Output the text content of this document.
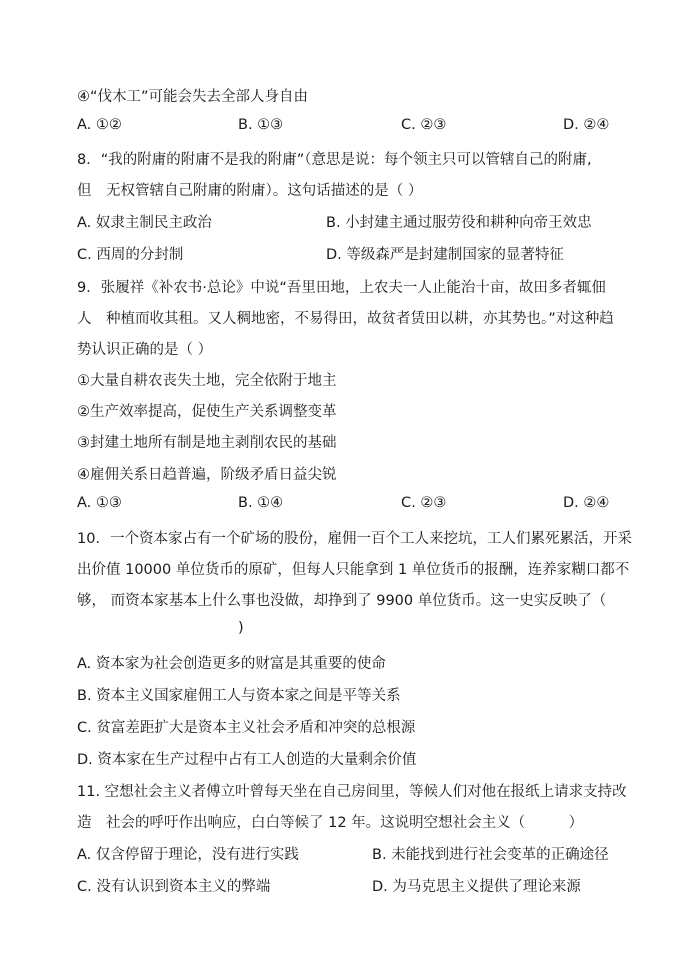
④“伐木工”可能会失去全部人身自由
A. ①②	B. ①③	C. ②③	D. ②④
8．“我的附庸的附庸不是我的附庸”（意思是说：每个领主只可以管辖自己的附庸,
但　无权管辖自己附庸的附庸）。这句话描述的是（ ）
A. 奴隶主制民主政治	B. 小封建主通过服劳役和耕种向帝王效忠
C. 西周的分封制	D. 等级森严是封建制国家的显著特征
9．张履祥《补农书·总论》中说“吾里田地，上农夫一人止能治十亩，故田多者辄佃
人　种植而收其租。又人稠地密，不易得田，故贫者赁田以耕，亦其势也。”对这种趋
势认识正确的是（ ）
①大量自耕农丧失土地，完全依附于地主
②生产效率提高，促使生产关系调整变革
③封建土地所有制是地主剥削农民的基础
④雇佣关系日趋普遍，阶级矛盾日益尖锐
A. ①③	B. ①④	C. ②③	D. ②④
10．一个资本家占有一个矿场的股份，雇佣一百个工人来挖坑，工人们累死累活，开采
出价值 10000 单位货币的原矿，但每人只能拿到 1 单位货币的报酬，连养家糊口都不
够， 而资本家基本上什么事也没做，却挣到了 9900 单位货币。这一史实反映了（
)
A. 资本家为社会创造更多的财富是其重要的使命
B. 资本主义国家雇佣工人与资本家之间是平等关系
C. 贫富差距扩大是资本主义社会矛盾和冲突的总根源
D. 资本家在生产过程中占有工人创造的大量剩余价值
11. 空想社会主义者傅立叶曾每天坐在自己房间里，等候人们对他在报纸上请求支持改
造　社会的呼吁作出响应，白白等候了 12 年。这说明空想社会主义（　　　）
A. 仅含停留于理论，没有进行实践	B. 未能找到进行社会变革的正确途径
C. 没有认识到资本主义的弊端	D. 为马克思主义提供了理论来源
